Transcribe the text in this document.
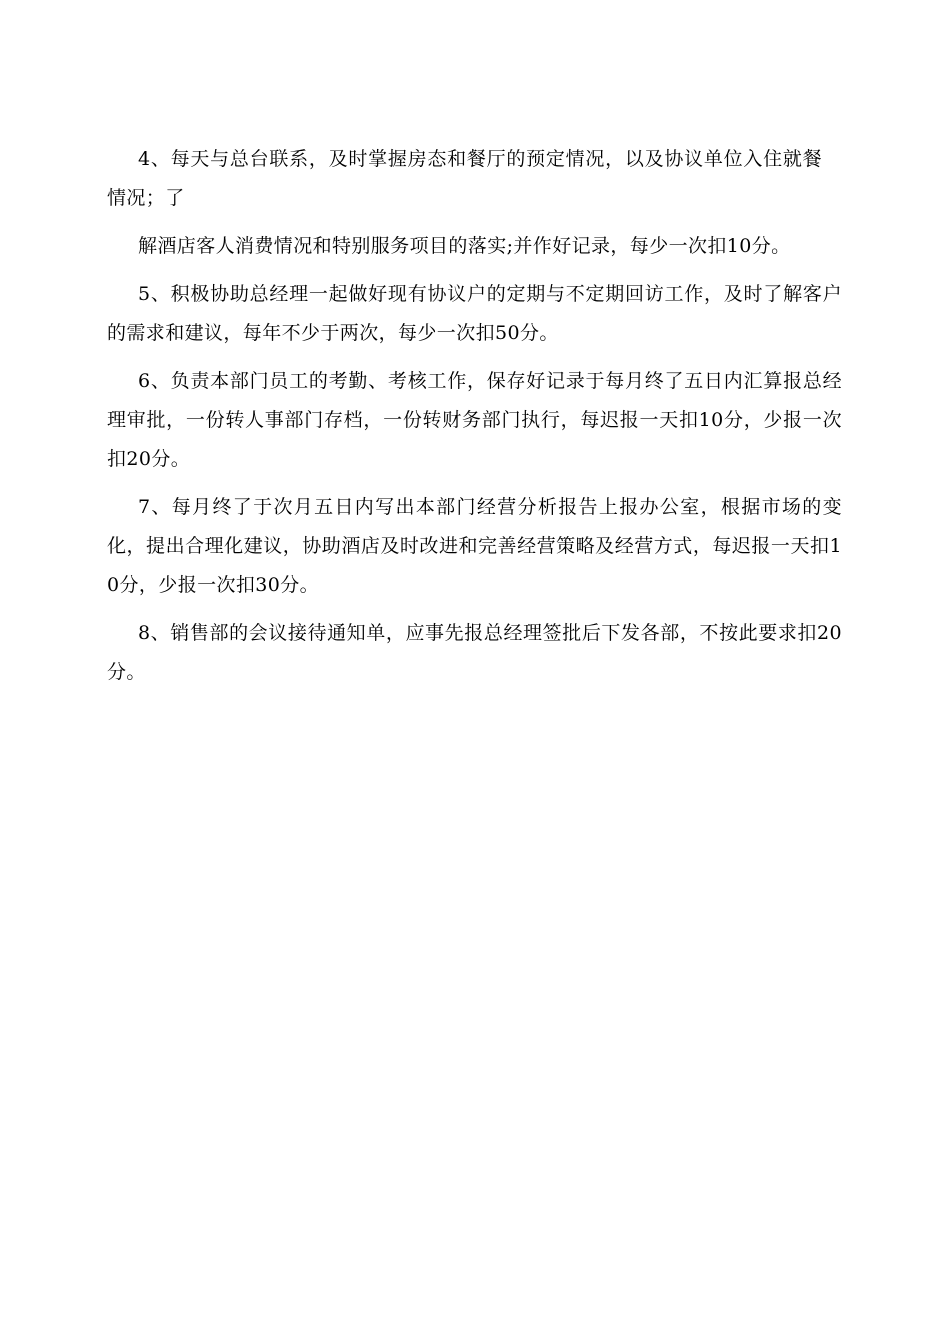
4、每天与总台联系，及时掌握房态和餐厅的预定情况，以及协议单位入住就餐情况；了

解酒店客人消费情况和特别服务项目的落实;并作好记录，每少一次扣10分。

5、积极协助总经理一起做好现有协议户的定期与不定期回访工作，及时了解客户的需求和建议，每年不少于两次，每少一次扣50分。

6、负责本部门员工的考勤、考核工作，保存好记录于每月终了五日内汇算报总经理审批，一份转人事部门存档，一份转财务部门执行，每迟报一天扣10分，少报一次扣20分。

7、每月终了于次月五日内写出本部门经营分析报告上报办公室，根据市场的变化，提出合理化建议，协助酒店及时改进和完善经营策略及经营方式，每迟报一天扣10分，少报一次扣30分。

8、销售部的会议接待通知单，应事先报总经理签批后下发各部，不按此要求扣20分。
